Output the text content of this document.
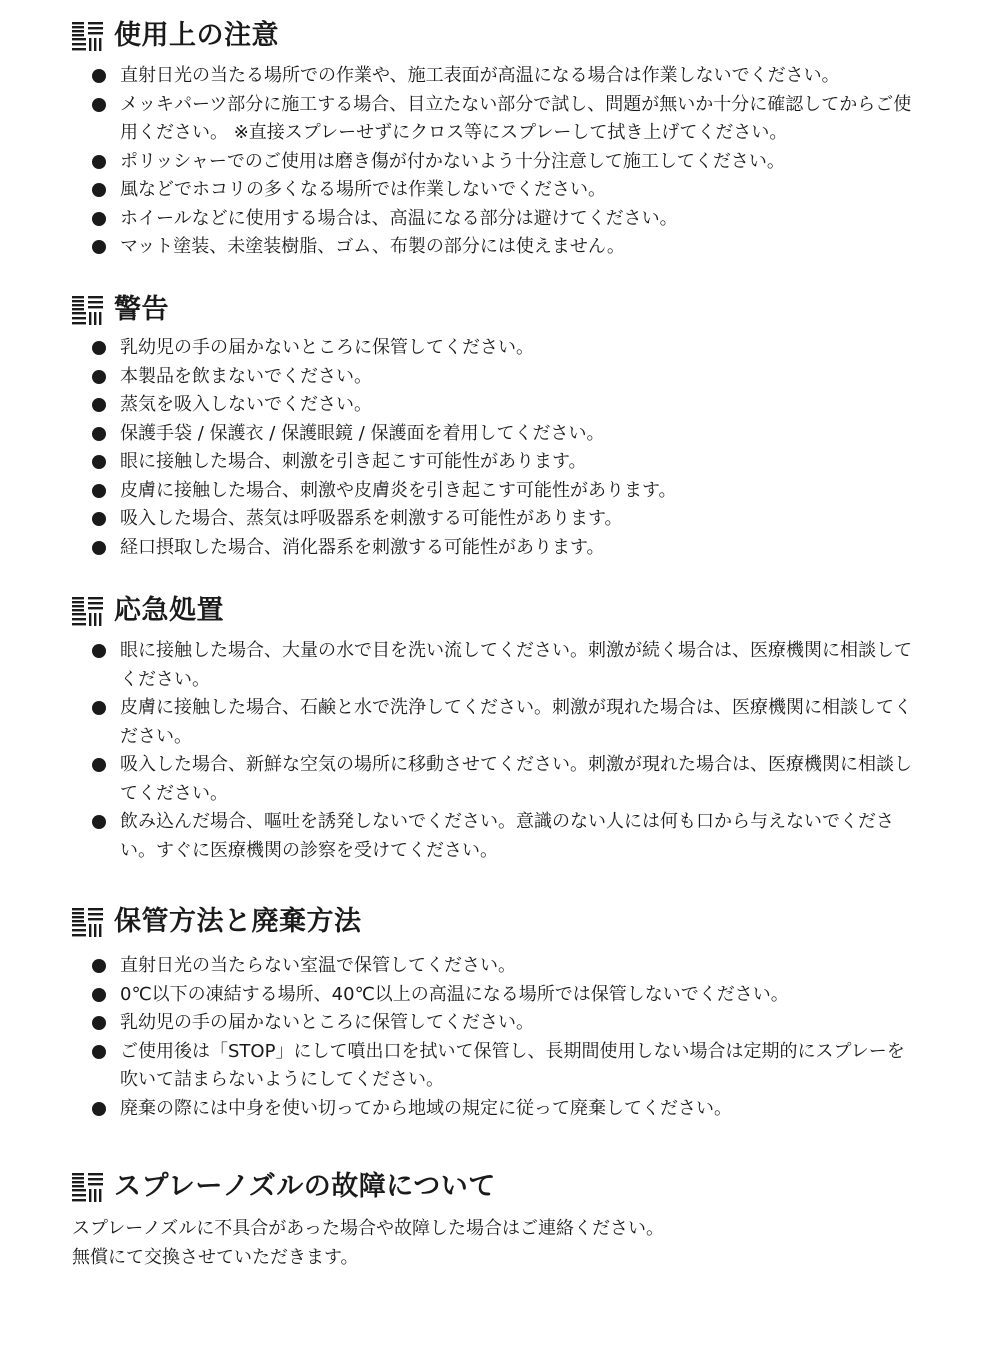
使用上の注意
直射日光の当たる場所での作業や、施工表面が高温になる場合は作業しないでください。
メッキパーツ部分に施工する場合、目立たない部分で試し、問題が無いか十分に確認してからご使用ください。 ※直接スプレーせずにクロス等にスプレーして拭き上げてください。
ポリッシャーでのご使用は磨き傷が付かないよう十分注意して施工してください。
風などでホコリの多くなる場所では作業しないでください。
ホイールなどに使用する場合は、高温になる部分は避けてください。
マット塗装、未塗装樹脂、ゴム、布製の部分には使えません。
警告
乳幼児の手の届かないところに保管してください。
本製品を飲まないでください。
蒸気を吸入しないでください。
保護手袋 / 保護衣 / 保護眼鏡 / 保護面を着用してください。
眼に接触した場合、刺激を引き起こす可能性があります。
皮膚に接触した場合、刺激や皮膚炎を引き起こす可能性があります。
吸入した場合、蒸気は呼吸器系を刺激する可能性があります。
経口摂取した場合、消化器系を刺激する可能性があります。
応急処置
眼に接触した場合、大量の水で目を洗い流してください。刺激が続く場合は、医療機関に相談してください。
皮膚に接触した場合、石鹸と水で洗浄してください。刺激が現れた場合は、医療機関に相談してください。
吸入した場合、新鮮な空気の場所に移動させてください。刺激が現れた場合は、医療機関に相談してください。
飲み込んだ場合、嘔吐を誘発しないでください。意識のない人には何も口から与えないでください。すぐに医療機関の診察を受けてください。
保管方法と廃棄方法
直射日光の当たらない室温で保管してください。
0℃以下の凍結する場所、40℃以上の高温になる場所では保管しないでください。
乳幼児の手の届かないところに保管してください。
ご使用後は「STOP」にして噴出口を拭いて保管し、長期間使用しない場合は定期的にスプレーを吹いて詰まらないようにしてください。
廃棄の際には中身を使い切ってから地域の規定に従って廃棄してください。
スプレーノズルの故障について

スプレーノズルに不具合があった場合や故障した場合はご連絡ください。

無償にて交換させていただきます。
